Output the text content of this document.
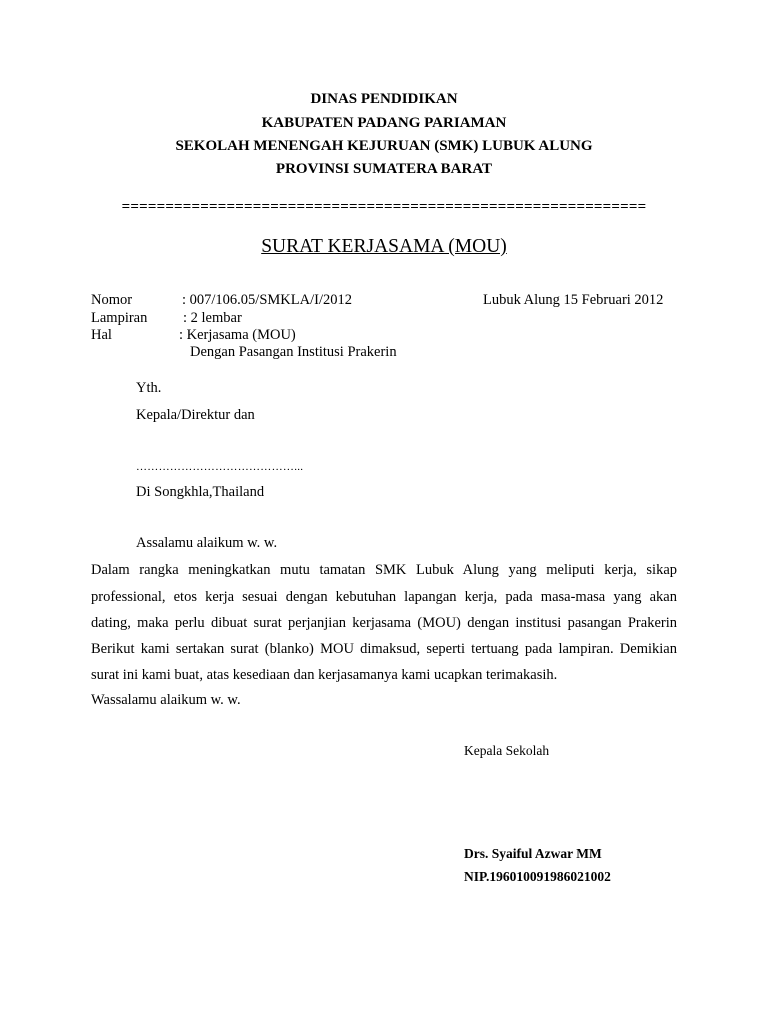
DINAS PENDIDIKAN
KABUPATEN PADANG PARIAMAN
SEKOLAH MENENGAH KEJURUAN (SMK) LUBUK ALUNG
PROVINSI SUMATERA BARAT
============================================================
SURAT KERJASAMA (MOU)
Nomor	: 007/106.05/SMKLA/I/2012	Lubuk Alung 15 Februari 2012
Lampiran : 2 lembar
Hal	: Kerjasama (MOU)
Dengan Pasangan Institusi Prakerin
Yth.
Kepala/Direktur dan
……………………………………...
Di Songkhla,Thailand
Assalamu alaikum w. w.
Dalam rangka meningkatkan mutu tamatan SMK Lubuk Alung yang meliputi kerja, sikap
professional, etos kerja sesuai dengan kebutuhan lapangan kerja, pada masa-masa yang akan
dating, maka perlu dibuat surat perjanjian kerjasama (MOU) dengan institusi pasangan Prakerin
Berikut kami sertakan surat (blanko) MOU dimaksud, seperti tertuang pada lampiran. Demikian
surat ini kami buat, atas kesediaan dan kerjasamanya kami ucapkan terimakasih.
Wassalamu alaikum w. w.
Kepala Sekolah
Drs. Syaiful Azwar MM
NIP.196010091986021002
